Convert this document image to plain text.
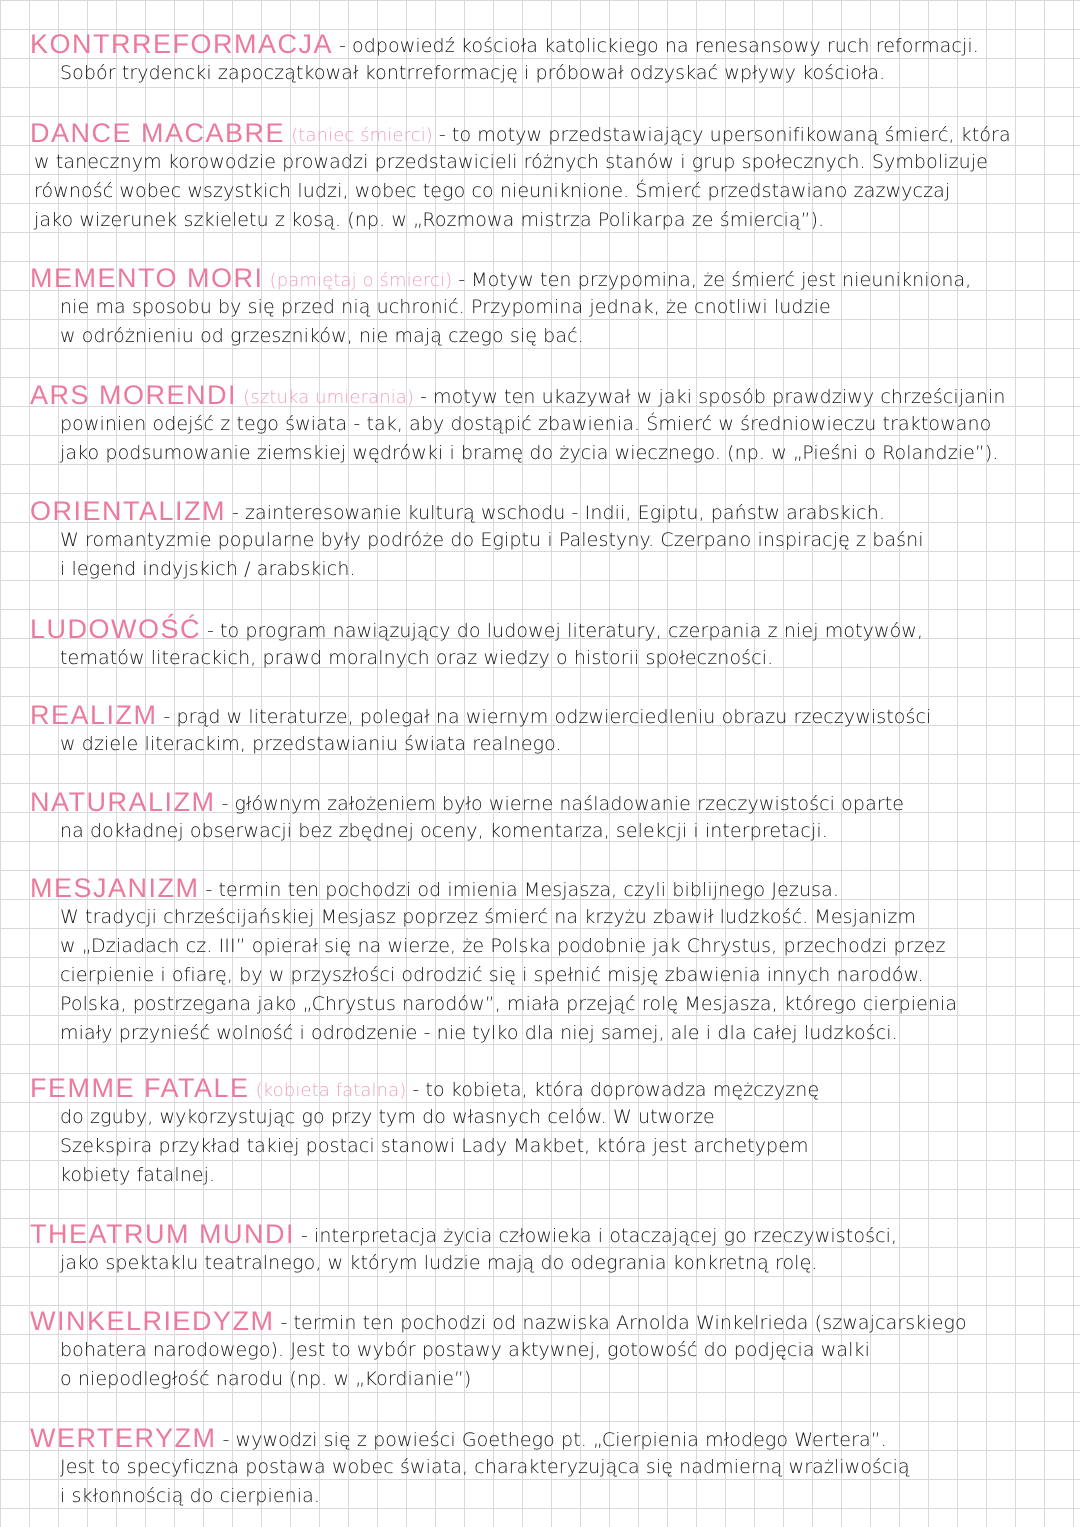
KONTRREFORMACJA - odpowiedź kościoła katolickiego na renesansowy ruch reformacji.
Sobór trydencki zapoczątkował kontrreformację i próbował odzyskać wpływy kościoła.
DANCE MACABRE (taniec śmierci) - to motyw przedstawiający upersonifikowaną śmierć, która
w tanecznym korowodzie prowadzi przedstawicieli różnych stanów i grup społecznych. Symbolizuje
równość wobec wszystkich ludzi, wobec tego co nieuniknione. Śmierć przedstawiano zazwyczaj
jako wizerunek szkieletu z kosą. (np. w „Rozmowa mistrza Polikarpa ze śmiercią”).
MEMENTO MORI (pamiętaj o śmierci) - Motyw ten przypomina, że śmierć jest nieunikniona,
nie ma sposobu by się przed nią uchronić. Przypomina jednak, że cnotliwi ludzie
w odróżnieniu od grzeszników, nie mają czego się bać.
ARS MORENDI (sztuka umierania) - motyw ten ukazywał w jaki sposób prawdziwy chrześcijanin
powinien odejść z tego świata - tak, aby dostąpić zbawienia. Śmierć w średniowieczu traktowano
jako podsumowanie ziemskiej wędrówki i bramę do życia wiecznego. (np. w „Pieśni o Rolandzie”).
ORIENTALIZM - zainteresowanie kulturą wschodu - Indii, Egiptu, państw arabskich.
W romantyzmie popularne były podróże do Egiptu i Palestyny. Czerpano inspirację z baśni
i legend indyjskich / arabskich.
LUDOWOŚĆ - to program nawiązujący do ludowej literatury, czerpania z niej motywów,
tematów literackich, prawd moralnych oraz wiedzy o historii społeczności.
REALIZM - prąd w literaturze, polegał na wiernym odzwierciedleniu obrazu rzeczywistości
w dziele literackim, przedstawianiu świata realnego.
NATURALIZM - głównym założeniem było wierne naśladowanie rzeczywistości oparte
na dokładnej obserwacji bez zbędnej oceny, komentarza, selekcji i interpretacji.
MESJANIZM - termin ten pochodzi od imienia Mesjasza, czyli biblijnego Jezusa.
W tradycji chrześcijańskiej Mesjasz poprzez śmierć na krzyżu zbawił ludzkość. Mesjanizm
w „Dziadach cz. III” opierał się na wierze, że Polska podobnie jak Chrystus, przechodzi przez
cierpienie i ofiarę, by w przyszłości odrodzić się i spełnić misję zbawienia innych narodów.
Polska, postrzegana jako „Chrystus narodów”, miała przejąć rolę Mesjasza, którego cierpienia
miały przynieść wolność i odrodzenie - nie tylko dla niej samej, ale i dla całej ludzkości.
FEMME FATALE (kobieta fatalna) - to kobieta, która doprowadza mężczyznę
do zguby, wykorzystując go przy tym do własnych celów. W utworze
Szekspira przykład takiej postaci stanowi Lady Makbet, która jest archetypem
kobiety fatalnej.
THEATRUM MUNDI - interpretacja życia człowieka i otaczającej go rzeczywistości,
jako spektaklu teatralnego, w którym ludzie mają do odegrania konkretną rolę.
WINKELRIEDYZM - termin ten pochodzi od nazwiska Arnolda Winkelrieda (szwajcarskiego
bohatera narodowego). Jest to wybór postawy aktywnej, gotowość do podjęcia walki
o niepodległość narodu (np. w „Kordianie”)
WERTERYZM - wywodzi się z powieści Goethego pt. „Cierpienia młodego Wertera”.
Jest to specyficzna postawa wobec świata, charakteryzująca się nadmierną wrażliwością
i skłonnością do cierpienia.
